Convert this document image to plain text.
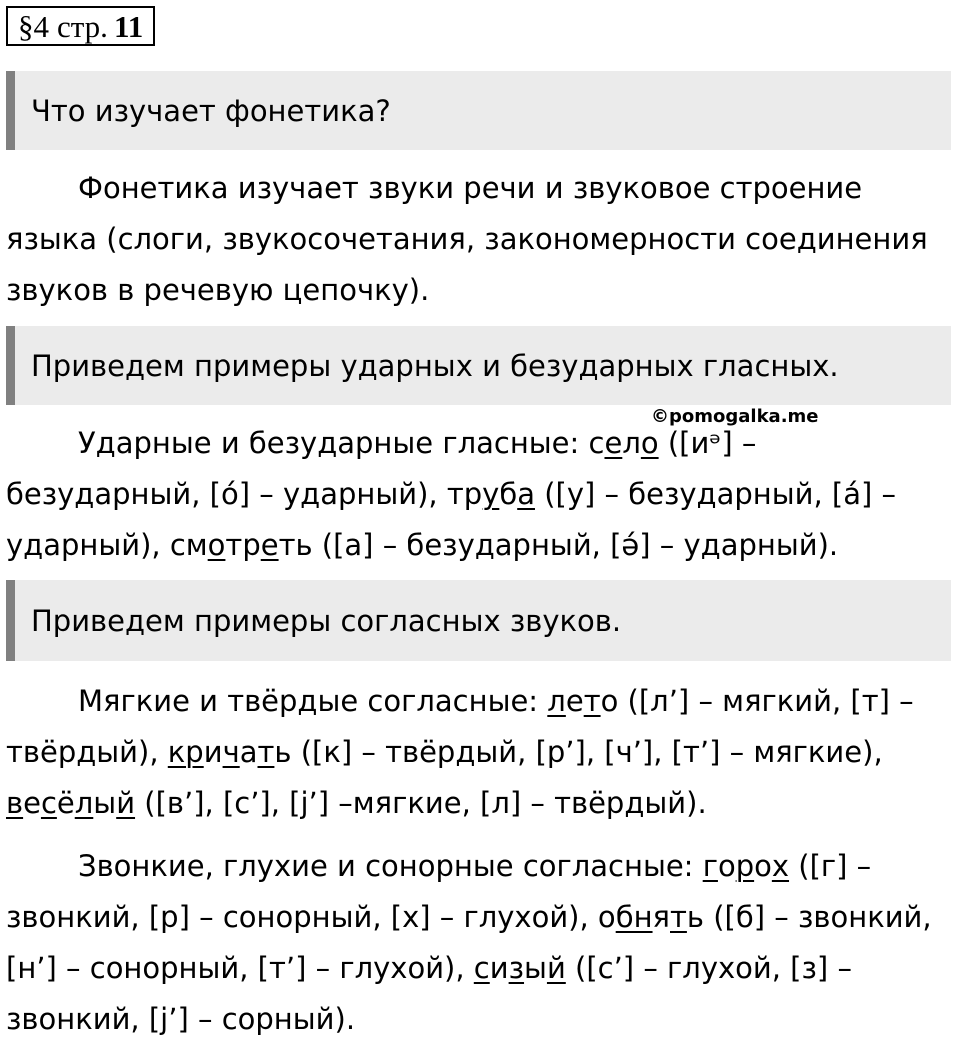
§4 стр. 11
Что изучает фонетика?

Фонетика изучает звуки речи и звуковое строение языка (слоги, звукосочетания, закономерности соединения звуков в речевую цепочку).

Приведем примеры ударных и безударных гласных.
©pomogalka.me

Ударные и безударные гласные: село ([иᵊ] – безударный, [о́] – ударный), труба ([у] – безударный, [а́] – ударный), смотреть ([а] – безударный, [ə́] – ударный).

Приведем примеры согласных звуков.

Мягкие и твёрдые согласные: лето ([л’] – мягкий, [т] – твёрдый), кричать ([к] – твёрдый, [р’], [ч’], [т’] – мягкие), весёлый ([в’], [с’], [j’] –мягкие, [л] – твёрдый).

Звонкие, глухие и сонорные согласные: горох ([г] – звонкий, [р] – сонорный, [х] – глухой), обнять ([б] – звонкий, [н’] – сонорный, [т’] – глухой), сизый ([с’] – глухой, [з] – звонкий, [j’] – сорный).
